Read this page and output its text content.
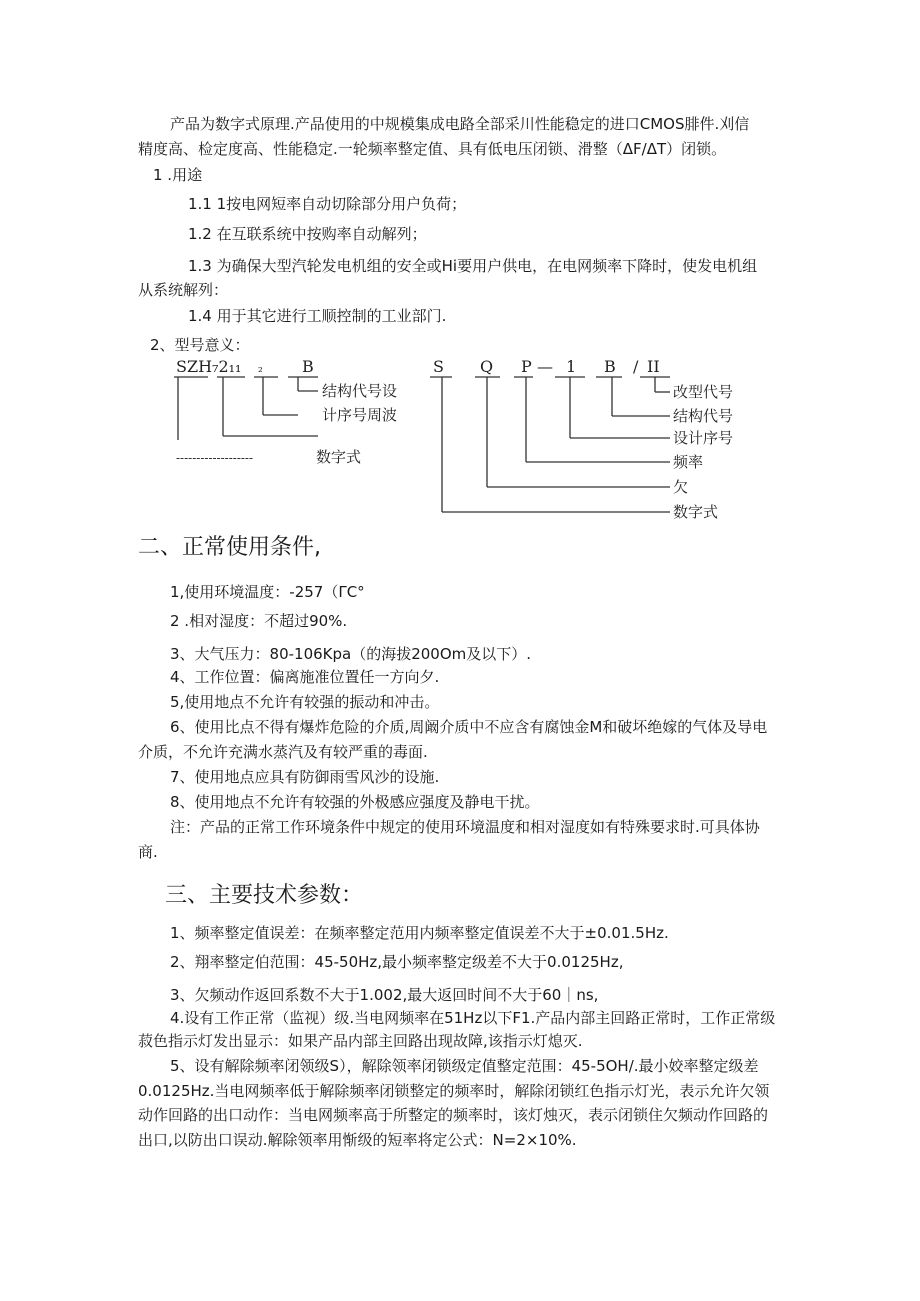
产品为数字式原理.产品使用的中规模集成电路全部采川性能稳定的进口CMOS腓件.刈信
精度高、检定度高、性能稳定.一轮频率整定值、具有低电压闭锁、滑整（ΔF/ΔT）闭锁。
1 .用途
1.1 1按电网短率自动切除部分用户负荷；
1.2 在互联系统中按购率自动解列；
1.3 为确保大型汽轮发电机组的安全或Hi要用户供电，在电网频率下降时，使发电机组
从系统解列：
1.4 用于其它进行工顺控制的工业部门.
2、型号意义：
SZH₇2₁₁ ₂ B
结构代号设
计序号周波
-------------------	数字式
S Q P — 1 B / II
改型代号
结构代号
设计序号
频率
欠
数字式
二、正常使用条件,
1,使用环境温度：-257（ΓC°
2 .相对湿度：不超过90%.
3、大气压力：80-106Kpa（的海拔200Om及以下）.
4、工作位置：偏离施准位置任一方向夕.
5,使用地点不允许有较强的振动和冲击。
6、使用比点不得有爆炸危险的介质,周阚介质中不应含有腐蚀金M和破坏绝嫁的气体及导电
介质，不允许充满水蒸汽及有较严重的毒面.
7、使用地点应具有防御雨雪风沙的设施.
8、使用地点不允许有较强的外极感应强度及静电干扰。
注：产品的正常工作环境条件中规定的使用环境温度和相对湿度如有特殊要求时.可具体协
商.
三、主要技术参数：
1、频率整定值误差：在频率整定范用内频率整定值误差不大于±0.01.5Hz.
2、翔率整定伯范围：45-50Hz,最小频率整定级差不大于0.0125Hz,
3、欠频动作返回系数不大于1.002,最大返回时间不大于60｜ns,
4.设有工作正常（监视）级.当电网频率在51Hz以下F1.产品内部主回路正常时，工作正常级
菽色指示灯发出显示：如果产品内部主回路出现故障,该指示灯熄灭.
5、设有解除频率闭领级S），解除领率闭锁级定值整定范围：45-5OH/.最小姣率整定级差
0.0125Hz.当电网频率低于解除频率闭锁整定的频率时，解除闭锁红色指示灯光，表示允许欠领
动作回路的出口动作：当电网频率高于所整定的频率时，该灯烛灭，表示闭锁住欠频动作回路的
出口,以防出口误动.解除领率用惭级的短率将定公式：N=2×10%.
